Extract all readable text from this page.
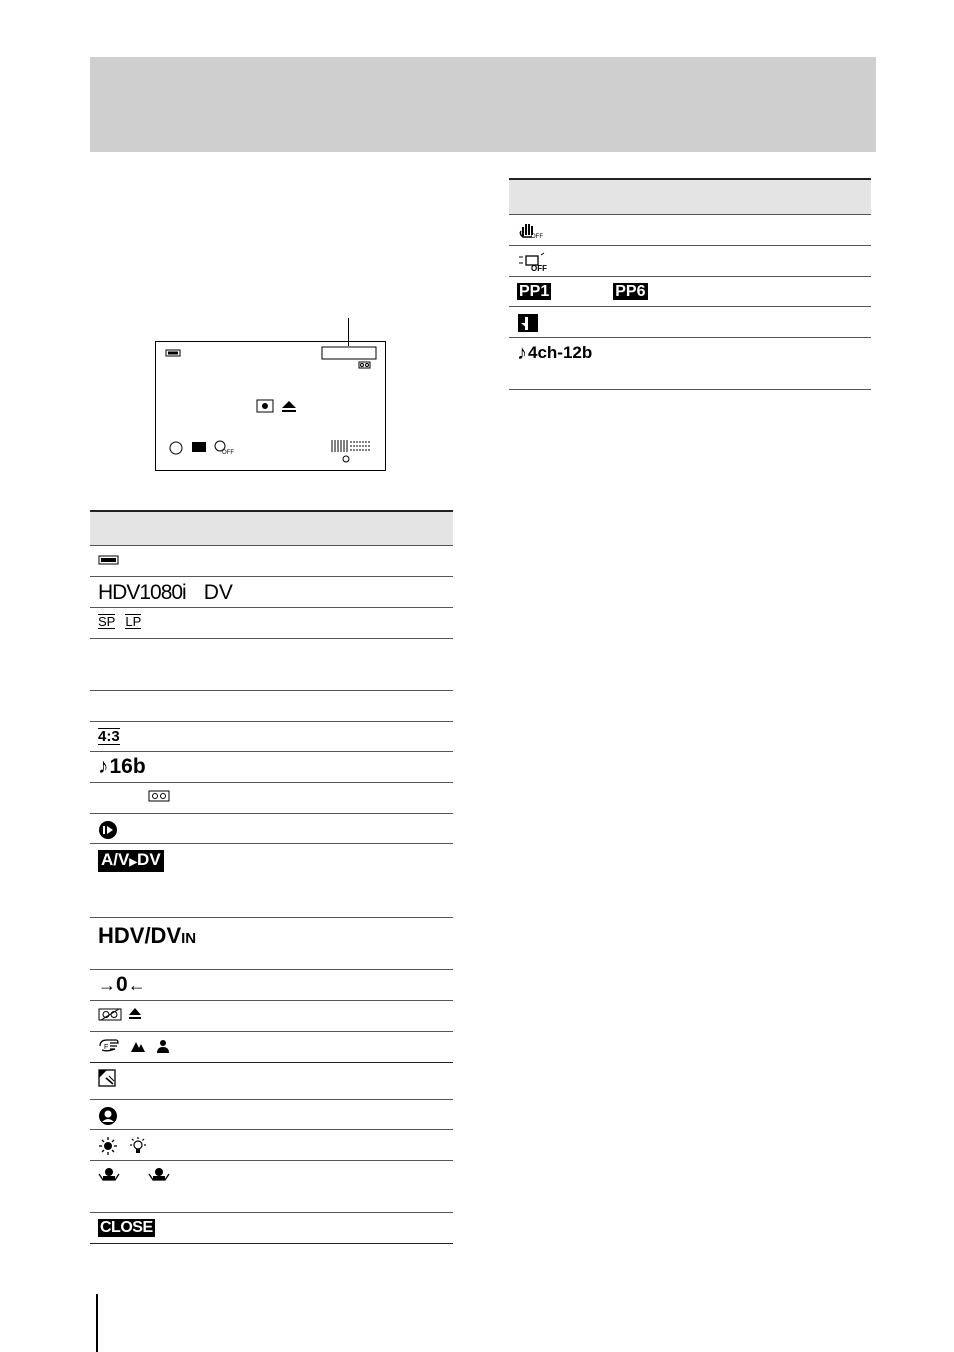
OFF
HDV1080i DV
SP LP
4:3
♪ 16b
A/V▶DV
HDV/DVIN
→ 0 ←
F
CLOSE
OFF
OFF
PP1	PP6
♪ 4ch-12b
